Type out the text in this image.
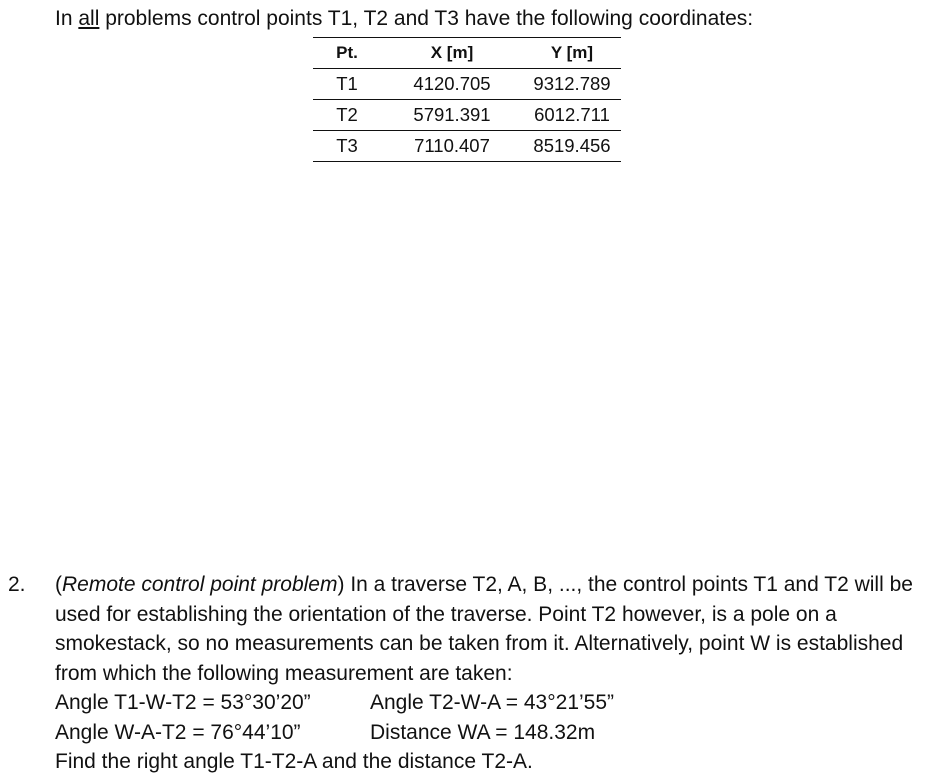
In all problems control points T1, T2 and T3 have the following coordinates:
Pt.	X [m]	Y [m]
T1	4120.705	9312.789
T2	5791.391	6012.711
T3	7110.407	8519.456
2. (Remote control point problem) In a traverse T2, A, B, ..., the control points T1 and T2 will be used for establishing the orientation of the traverse. Point T2 however, is a pole on a smokestack, so no measurements can be taken from it. Alternatively, point W is established from which the following measurement are taken:

Angle T1-W-T2 = 53°30’20”	Angle T2-W-A = 43°21’55”
Angle W-A-T2 = 76°44’10”	Distance WA = 148.32m

Find the right angle T1-T2-A and the distance T2-A.
